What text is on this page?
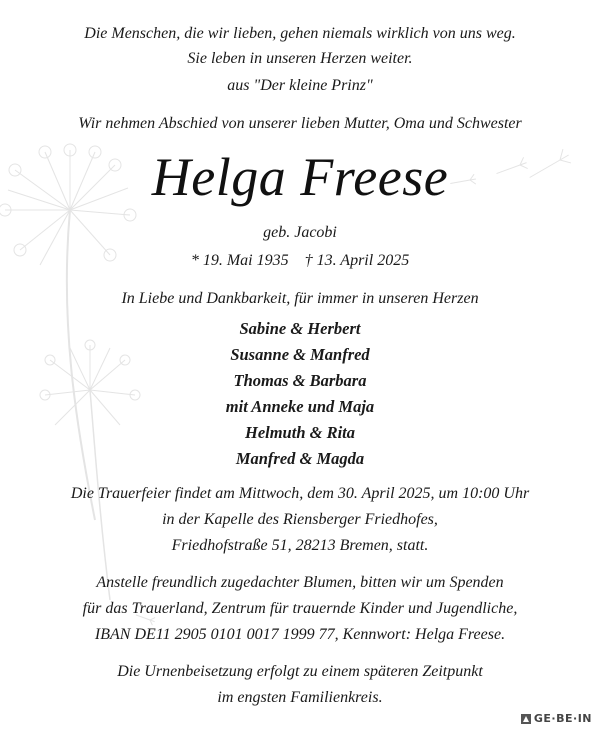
Die Menschen, die wir lieben, gehen niemals wirklich von uns weg.
Sie leben in unseren Herzen weiter.
aus "Der kleine Prinz"
Wir nehmen Abschied von unserer lieben Mutter, Oma und Schwester
Helga Freese
geb. Jacobi
* 19. Mai 1935    † 13. April 2025
In Liebe und Dankbarkeit, für immer in unseren Herzen
Sabine & Herbert
Susanne & Manfred
Thomas & Barbara
mit Anneke und Maja
Helmuth & Rita
Manfred & Magda
Die Trauerfeier findet am Mittwoch, dem 30. April 2025, um 10:00 Uhr
in der Kapelle des Riensberger Friedhofes,
Friedhofstraße 51, 28213 Bremen, statt.
Anstelle freundlich zugedachter Blumen, bitten wir um Spenden
für das Trauerland, Zentrum für trauernde Kinder und Jugendliche,
IBAN DE11 2905 0101 0017 1999 77, Kennwort: Helga Freese.
Die Urnenbeisetzung erfolgt zu einem späteren Zeitpunkt
im engsten Familienkreis.
GE·BE·IN
